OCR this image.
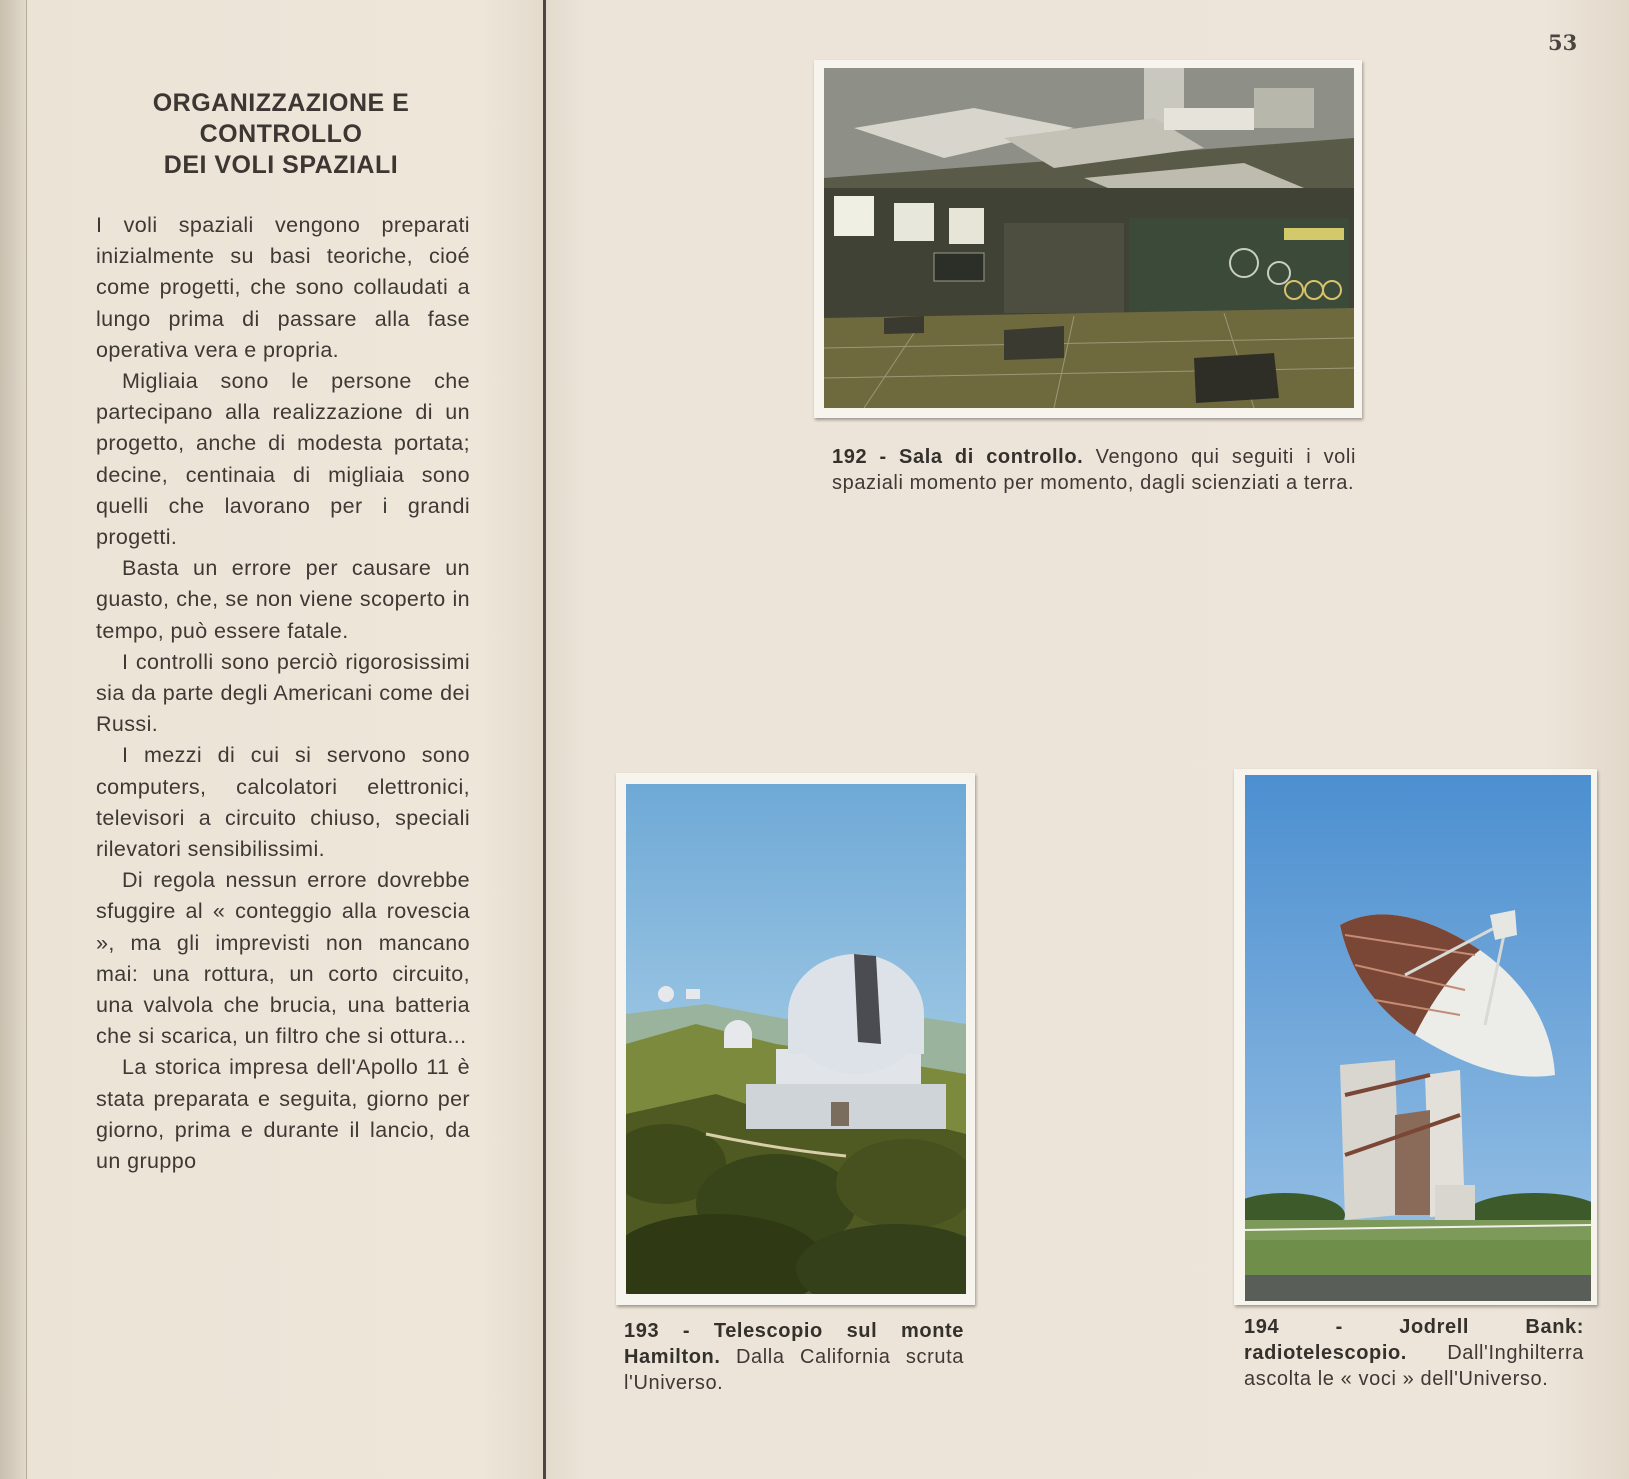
53
ORGANIZZAZIONE E
CONTROLLO
DEI VOLI SPAZIALI

I voli spaziali vengono preparati inizialmente su basi teoriche, cioé come progetti, che sono collaudati a lungo prima di passare alla fase operativa vera e propria.

Migliaia sono le persone che partecipano alla realizzazione di un progetto, anche di modesta portata; decine, centinaia di migliaia sono quelli che lavorano per i grandi progetti.

Basta un errore per causare un guasto, che, se non viene scoperto in tempo, può essere fatale.

I controlli sono perciò rigorosissimi sia da parte degli Americani come dei Russi.

I mezzi di cui si servono sono computers, calcolatori elettronici, televisori a circuito chiuso, speciali rilevatori sensibilissimi.

Di regola nessun errore dovrebbe sfuggire al « conteggio alla rovescia », ma gli imprevisti non mancano mai: una rottura, un corto circuito, una valvola che brucia, una batteria che si scarica, un filtro che si ottura...

La storica impresa dell'Apollo 11 è stata preparata e seguita, giorno per giorno, prima e durante il lancio, da un gruppo

192 - Sala di controllo. Vengono qui seguiti i voli spaziali momento per momento, dagli scienziati a terra.
193 - Telescopio sul monte Hamilton. Dalla California scruta l'Universo.
194 - Jodrell Bank: radiotelescopio. Dall'Inghilterra ascolta le « voci » dell'Universo.
